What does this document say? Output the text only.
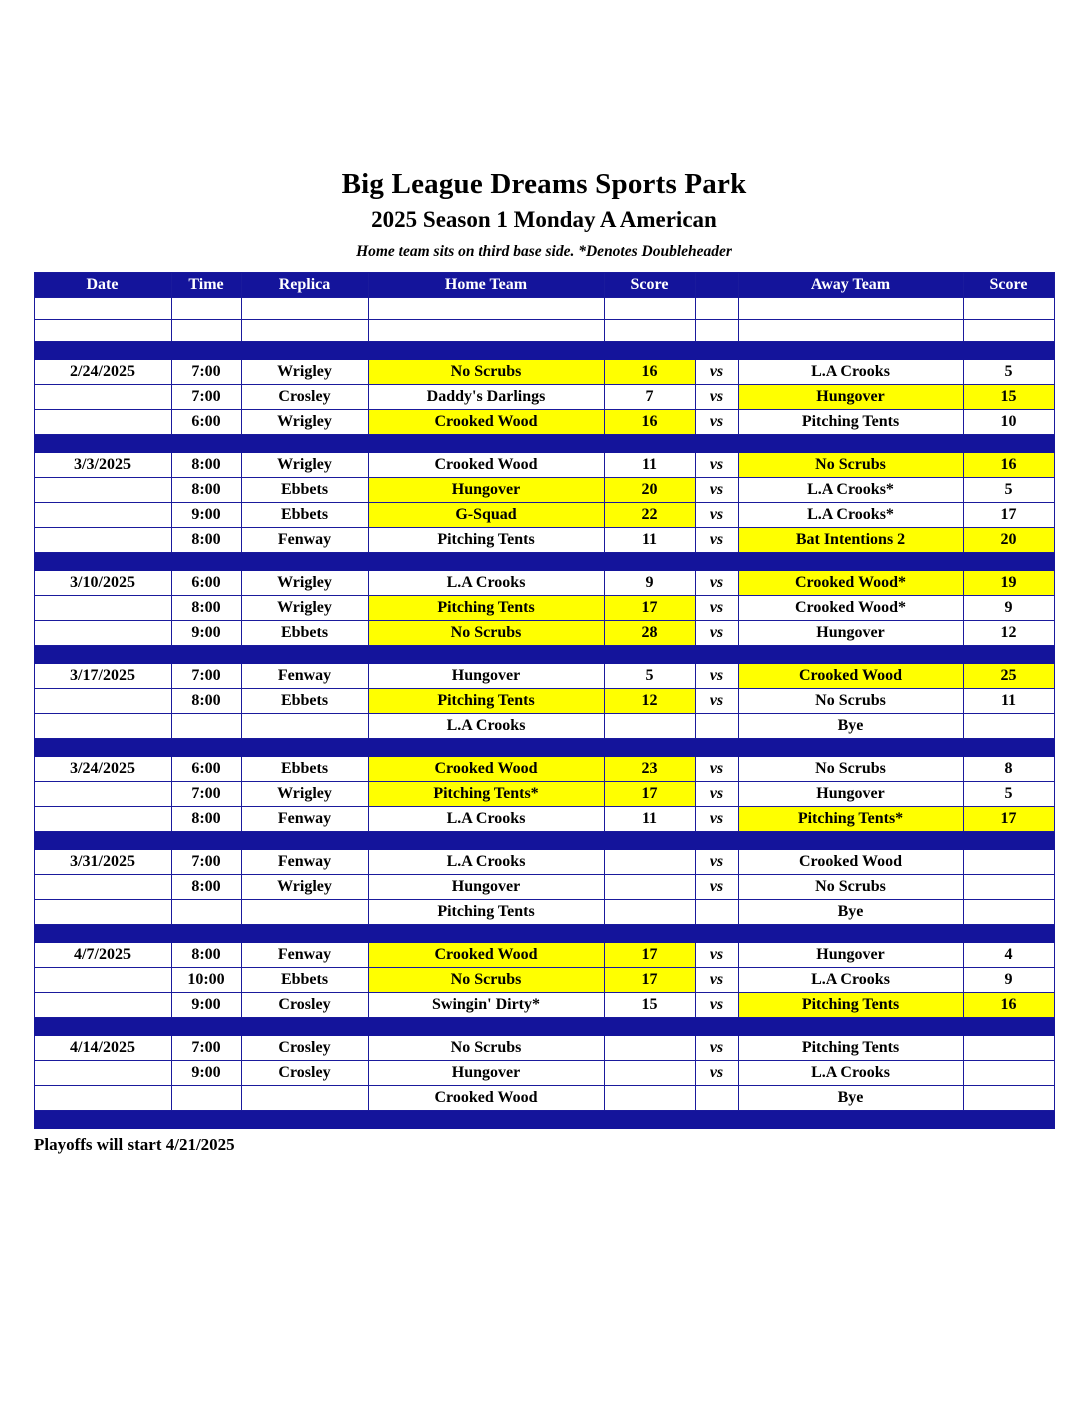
Big League Dreams Sports Park
2025 Season 1 Monday A American
Home team sits on third base side. *Denotes Doubleheader
Date	Time	Replica	Home Team	Score		Away Team	Score

2/24/2025	7:00	Wrigley	No Scrubs	16	vs	L.A Crooks	5
	7:00	Crosley	Daddy's Darlings	7	vs	Hungover	15
	6:00	Wrigley	Crooked Wood	16	vs	Pitching Tents	10

3/3/2025	8:00	Wrigley	Crooked Wood	11	vs	No Scrubs	16
	8:00	Ebbets	Hungover	20	vs	L.A Crooks*	5
	9:00	Ebbets	G-Squad	22	vs	L.A Crooks*	17
	8:00	Fenway	Pitching Tents	11	vs	Bat Intentions 2	20

3/10/2025	6:00	Wrigley	L.A Crooks	9	vs	Crooked Wood*	19
	8:00	Wrigley	Pitching Tents	17	vs	Crooked Wood*	9
	9:00	Ebbets	No Scrubs	28	vs	Hungover	12

3/17/2025	7:00	Fenway	Hungover	5	vs	Crooked Wood	25
	8:00	Ebbets	Pitching Tents	12	vs	No Scrubs	11
			L.A Crooks			Bye	

3/24/2025	6:00	Ebbets	Crooked Wood	23	vs	No Scrubs	8
	7:00	Wrigley	Pitching Tents*	17	vs	Hungover	5
	8:00	Fenway	L.A Crooks	11	vs	Pitching Tents*	17

3/31/2025	7:00	Fenway	L.A Crooks		vs	Crooked Wood	
	8:00	Wrigley	Hungover		vs	No Scrubs	
			Pitching Tents			Bye	

4/7/2025	8:00	Fenway	Crooked Wood	17	vs	Hungover	4
	10:00	Ebbets	No Scrubs	17	vs	L.A Crooks	9
	9:00	Crosley	Swingin' Dirty*	15	vs	Pitching Tents	16

4/14/2025	7:00	Crosley	No Scrubs		vs	Pitching Tents	
	9:00	Crosley	Hungover		vs	L.A Crooks	
			Crooked Wood			Bye	

Playoffs will start 4/21/2025
